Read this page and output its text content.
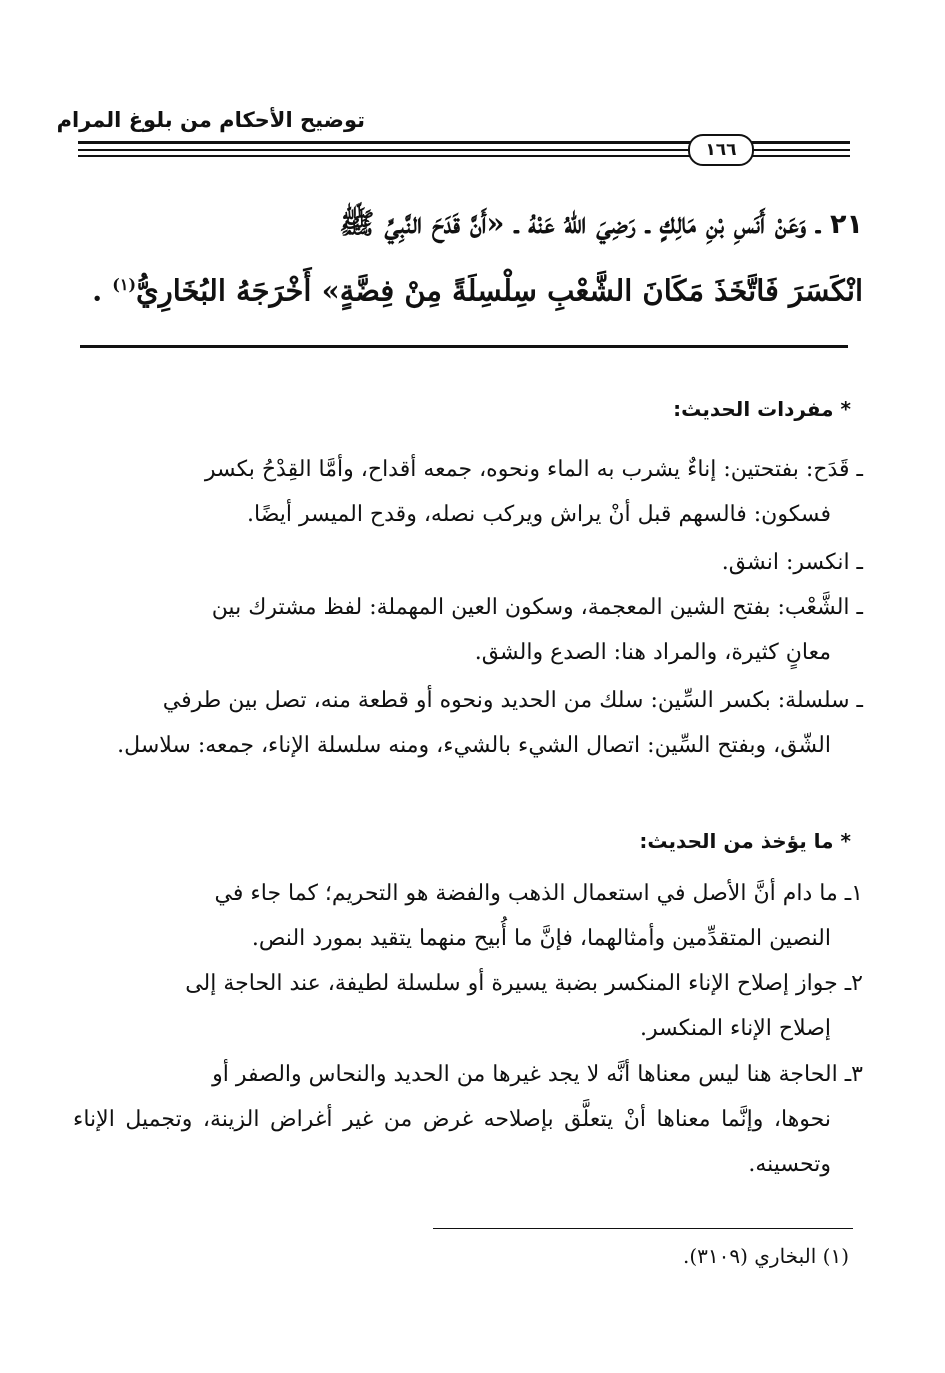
توضيح الأحكام من بلوغ المرام
١٦٦
٢١ ـ وَعَنْ أَنَسِ بْنِ مَالِكٍ ـ رَضِيَ اللهُ عَنْهُ ـ «أَنَّ قَدَحَ النَّبِيِّ ﷺ
انْكَسَرَ فَاتَّخَذَ مَكَانَ الشَّعْبِ سِلْسِلَةً مِنْ فِضَّةٍ» أَخْرَجَهُ البُخَارِيُّ$^{(١)}$ .
* مفردات الحديث:
ـ قَدَح: بفتحتين: إناءٌ يشرب به الماء ونحوه، جمعه أقداح، وأمَّا القِدْحُ بكسر
فسكون: فالسهم قبل أنْ يراش ويركب نصله، وقدح الميسر أيضًا.
ـ انكسر: انشق.
ـ الشَّعْب: بفتح الشين المعجمة، وسكون العين المهملة: لفظ مشترك بين
معانٍ كثيرة، والمراد هنا: الصدع والشق.
ـ سلسلة: بكسر السِّين: سلك من الحديد ونحوه أو قطعة منه، تصل بين طرفي
الشّق، وبفتح السِّين: اتصال الشيء بالشيء، ومنه سلسلة الإناء، جمعه: سلاسل.
* ما يؤخذ من الحديث:
١ـ ما دام أنَّ الأصل في استعمال الذهب والفضة هو التحريم؛ كما جاء في
النصين المتقدِّمين وأمثالهما، فإنَّ ما أُبيح منهما يتقيد بمورد النص.
٢ـ جواز إصلاح الإناء المنكسر بضبة يسيرة أو سلسلة لطيفة، عند الحاجة إلى
إصلاح الإناء المنكسر.
٣ـ الحاجة هنا ليس معناها أنَّه لا يجد غيرها من الحديد والنحاس والصفر أو
نحوها، وإنَّما معناها أنْ يتعلَّق بإصلاحه غرض من غير أغراض الزينة، وتجميل الإناء وتحسينه.
(١) البخاري (٣١٠٩).
